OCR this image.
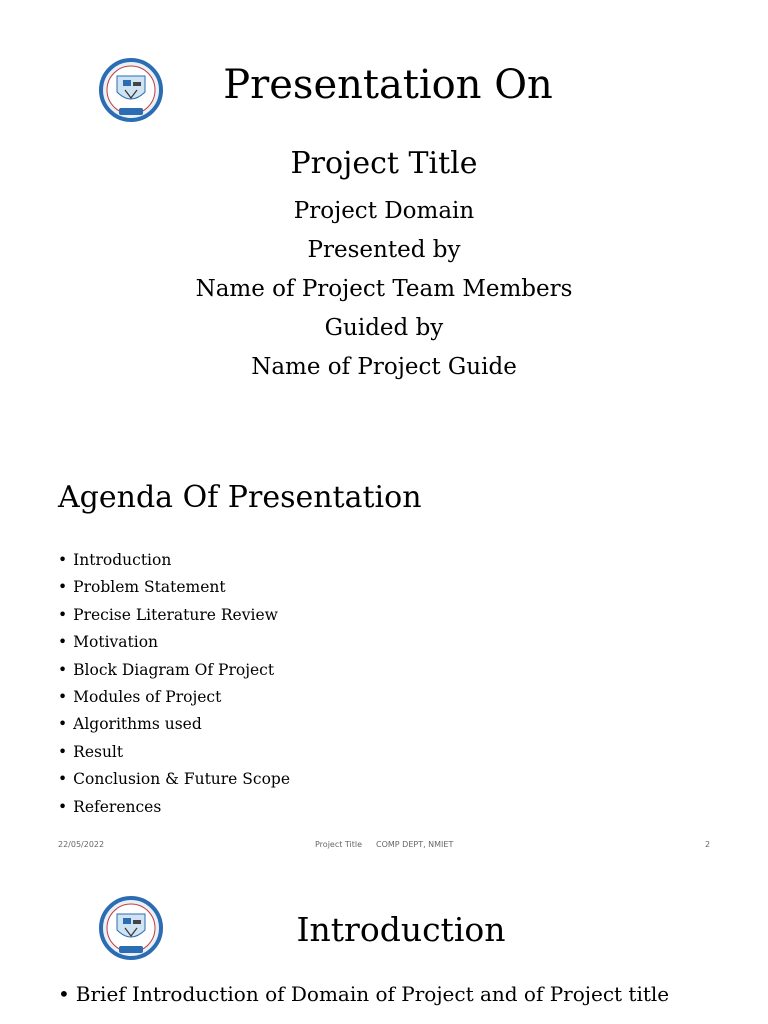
Presentation On
Project Title
Project Domain
Presented by
Name of Project Team Members
Guided by
Name of Project Guide
Agenda Of Presentation
• Introduction
• Problem Statement
• Precise Literature Review
• Motivation
• Block Diagram Of Project
• Modules of Project
• Algorithms used
• Result
• Conclusion & Future Scope
• References
22/05/2022	Project Title COMP DEPT, NMIET	2
Introduction
• Brief Introduction of Domain of Project and of Project title
